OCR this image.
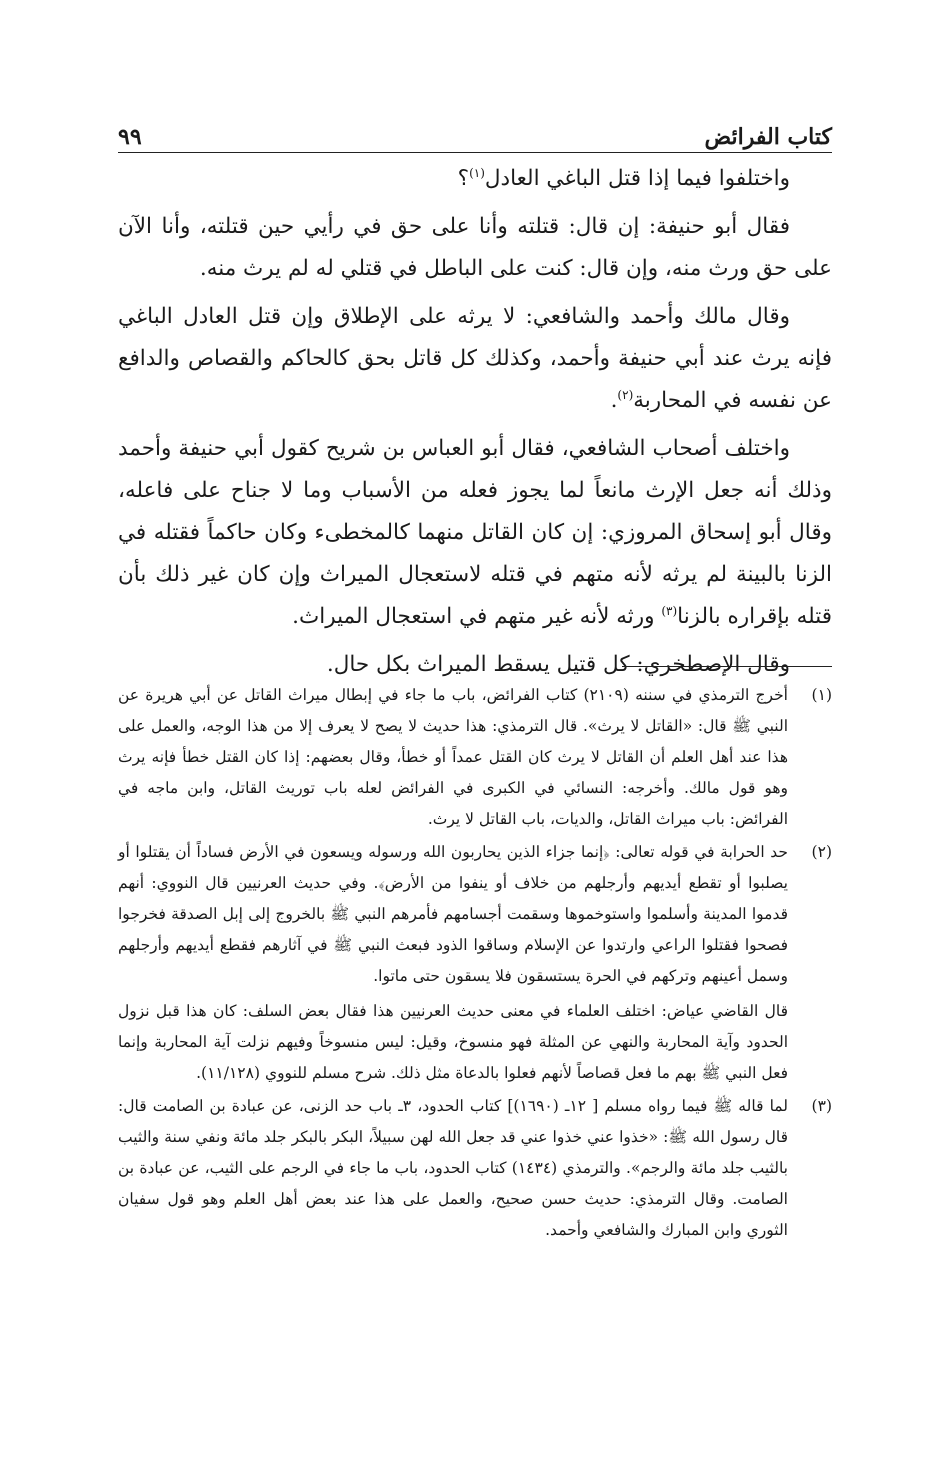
كتاب الفرائض
٩٩

واختلفوا فيما إذا قتل الباغي العادل$^{(١)}$؟

فقال أبو حنيفة: إن قال: قتلته وأنا على حق في رأيي حين قتلته، وأنا الآن على حق ورث منه، وإن قال: كنت على الباطل في قتلي له لم يرث منه.

وقال مالك وأحمد والشافعي: لا يرثه على الإطلاق وإن قتل العادل الباغي فإنه يرث عند أبي حنيفة وأحمد، وكذلك كل قاتل بحق كالحاكم والقصاص والدافع عن نفسه في المحاربة$^{(٢)}$.

واختلف أصحاب الشافعي، فقال أبو العباس بن شريح كقول أبي حنيفة وأحمد وذلك أنه جعل الإرث مانعاً لما يجوز فعله من الأسباب وما لا جناح على فاعله، وقال أبو إسحاق المروزي: إن كان القاتل منهما كالمخطىء وكان حاكماً فقتله في الزنا بالبينة لم يرثه لأنه متهم في قتله لاستعجال الميراث وإن كان غير ذلك بأن قتله بإقراره بالزنا$^{(٣)}$ ورثه لأنه غير متهم في استعجال الميراث.

وقال الإصطخري: كل قتيل يسقط الميراث بكل حال.

(١)

أخرج الترمذي في سننه (٢١٠٩) كتاب الفرائض، باب ما جاء في إبطال ميراث القاتل عن أبي هريرة عن النبي ﷺ قال: «القاتل لا يرث». قال الترمذي: هذا حديث لا يصح لا يعرف إلا من هذا الوجه، والعمل على هذا عند أهل العلم أن القاتل لا يرث كان القتل عمداً أو خطأ، وقال بعضهم: إذا كان القتل خطأ فإنه يرث وهو قول مالك. وأخرجه: النسائي في الكبرى في الفرائض لعله باب توريث القاتل، وابن ماجه في الفرائض: باب ميراث القاتل، والديات، باب القاتل لا يرث.

(٢)

حد الحرابة في قوله تعالى: ﴿إنما جزاء الذين يحاربون الله ورسوله ويسعون في الأرض فساداً أن يقتلوا أو يصلبوا أو تقطع أيديهم وأرجلهم من خلاف أو ينفوا من الأرض﴾. وفي حديث العرنيين قال النووي: أنهم قدموا المدينة وأسلموا واستوخموها وسقمت أجسامهم فأمرهم النبي ﷺ بالخروج إلى إبل الصدقة فخرجوا فصحوا فقتلوا الراعي وارتدوا عن الإسلام وساقوا الذود فبعث النبي ﷺ في آثارهم فقطع أيديهم وأرجلهم وسمل أعينهم وتركهم في الحرة يستسقون فلا يسقون حتى ماتوا.

قال القاضي عياض: اختلف العلماء في معنى حديث العرنيين هذا فقال بعض السلف: كان هذا قبل نزول الحدود وآية المحاربة والنهي عن المثلة فهو منسوخ، وقيل: ليس منسوخاً وفيهم نزلت آية المحاربة وإنما فعل النبي ﷺ بهم ما فعل قصاصاً لأنهم فعلوا بالدعاة مثل ذلك. شرح مسلم للنووي (١١/١٢٨).

(٣)

لما قاله ﷺ فيما رواه مسلم [ ١٢ـ (١٦٩٠)] كتاب الحدود، ٣ـ باب حد الزنى، عن عبادة بن الصامت قال: قال رسول الله ﷺ: «خذوا عني خذوا عني قد جعل الله لهن سبيلاً، البكر بالبكر جلد مائة ونفي سنة والثيب بالثيب جلد مائة والرجم». والترمذي (١٤٣٤) كتاب الحدود، باب ما جاء في الرجم على الثيب، عن عبادة بن الصامت. وقال الترمذي: حديث حسن صحيح، والعمل على هذا عند بعض أهل العلم وهو قول سفيان الثوري وابن المبارك والشافعي وأحمد.
